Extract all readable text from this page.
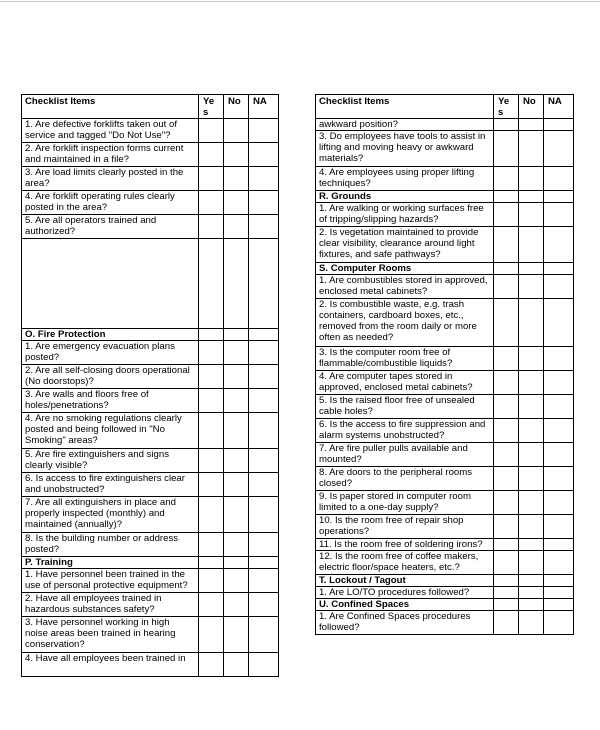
Checklist Items	Ye s	No	NA
1. Are defective forklifts taken out of service and tagged "Do Not Use"?			
2. Are forklift inspection forms current and maintained in a file?			
3. Are load limits clearly posted in the area?			
4. Are forklift operating rules clearly posted in the area?			
5. Are all operators trained and authorized?			

O. Fire Protection			
1. Are emergency evacuation plans posted?			
2. Are all self-closing doors operational (No doorstops)?			
3. Are walls and floors free of holes/penetrations?			
4. Are no smoking regulations clearly posted and being followed in "No Smoking" areas?			
5. Are fire extinguishers and signs clearly visible?			
6. Is access to fire extinguishers clear and unobstructed?			
7. Are all extinguishers in place and properly inspected (monthly) and maintained (annually)?			
8. Is the building number or address posted?			
P. Training			
1. Have personnel been trained in the use of personal protective equipment?			
2. Have all employees trained in hazardous substances safety?			
3. Have personnel working in high noise areas been trained in hearing conservation?			
4. Have all employees been trained in			
Checklist Items	Ye s	No	NA
awkward position?			
3. Do employees have tools to assist in lifting and moving heavy or awkward materials?			
4. Are employees using proper lifting techniques?			
R. Grounds			
1. Are walking or working surfaces free of tripping/slipping hazards?			
2. Is vegetation maintained to provide clear visibility, clearance around light fixtures, and safe pathways?			
S. Computer Rooms			
1. Are combustibles stored in approved, enclosed metal cabinets?			
2. Is combustible waste, e.g. trash containers, cardboard boxes, etc., removed from the room daily or more often as needed?			
3. Is the computer room free of flammable/combustible liquids?			
4. Are computer tapes stored in approved, enclosed metal cabinets?			
5. Is the raised floor free of unsealed cable holes?			
6. Is the access to fire suppression and alarm systems unobstructed?			
7. Are fire puller pulls available and mounted?			
8. Are doors to the peripheral rooms closed?			
9. Is paper stored in computer room limited to a one-day supply?			
10. Is the room free of repair shop operations?			
11. Is the room free of soldering irons?			
12. Is the room free of coffee makers, electric floor/space heaters, etc.?			
T. Lockout / Tagout			
1. Are LO/TO procedures followed?			
U. Confined Spaces			
1. Are Confined Spaces procedures followed?			
